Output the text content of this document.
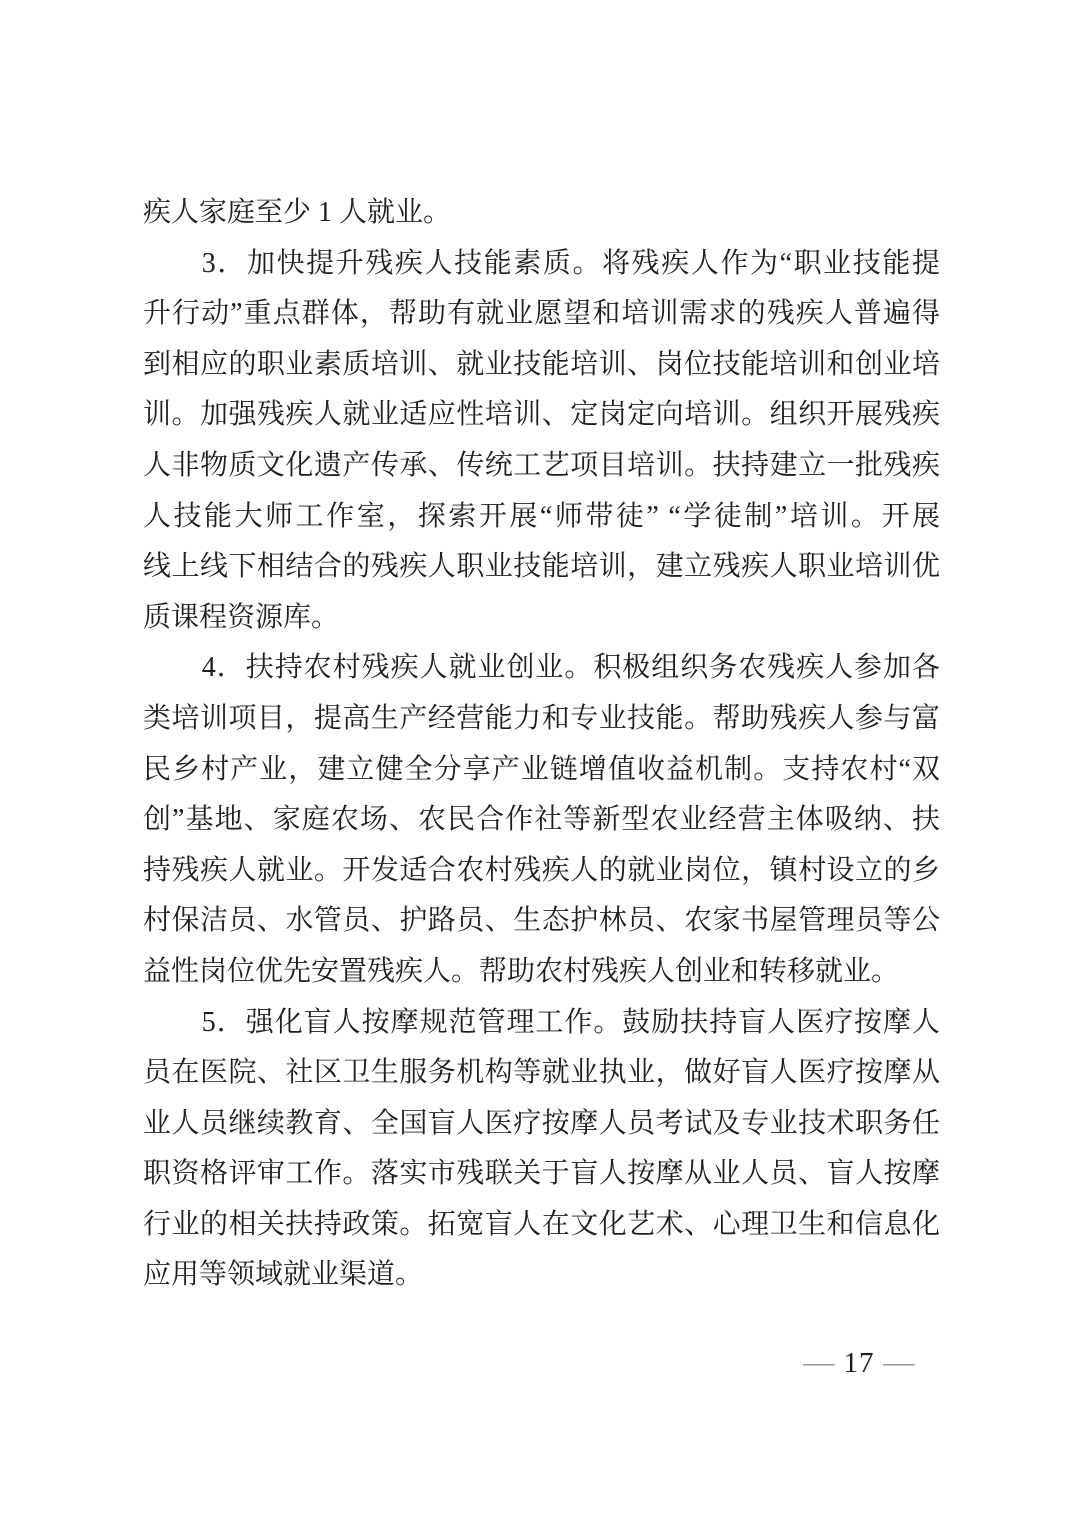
疾人家庭至少 1 人就业。
3．加快提升残疾人技能素质。将残疾人作为“职业技能提
升行动”重点群体，帮助有就业愿望和培训需求的残疾人普遍得
到相应的职业素质培训、就业技能培训、岗位技能培训和创业培
训。加强残疾人就业适应性培训、定岗定向培训。组织开展残疾
人非物质文化遗产传承、传统工艺项目培训。扶持建立一批残疾
人技能大师工作室，探索开展“师带徒” “学徒制”培训。开展
线上线下相结合的残疾人职业技能培训，建立残疾人职业培训优
质课程资源库。
4．扶持农村残疾人就业创业。积极组织务农残疾人参加各
类培训项目，提高生产经营能力和专业技能。帮助残疾人参与富
民乡村产业，建立健全分享产业链增值收益机制。支持农村“双
创”基地、家庭农场、农民合作社等新型农业经营主体吸纳、扶
持残疾人就业。开发适合农村残疾人的就业岗位，镇村设立的乡
村保洁员、水管员、护路员、生态护林员、农家书屋管理员等公
益性岗位优先安置残疾人。帮助农村残疾人创业和转移就业。
5．强化盲人按摩规范管理工作。鼓励扶持盲人医疗按摩人
员在医院、社区卫生服务机构等就业执业，做好盲人医疗按摩从
业人员继续教育、全国盲人医疗按摩人员考试及专业技术职务任
职资格评审工作。落实市残联关于盲人按摩从业人员、盲人按摩
行业的相关扶持政策。拓宽盲人在文化艺术、心理卫生和信息化
应用等领域就业渠道。
— 17 —
